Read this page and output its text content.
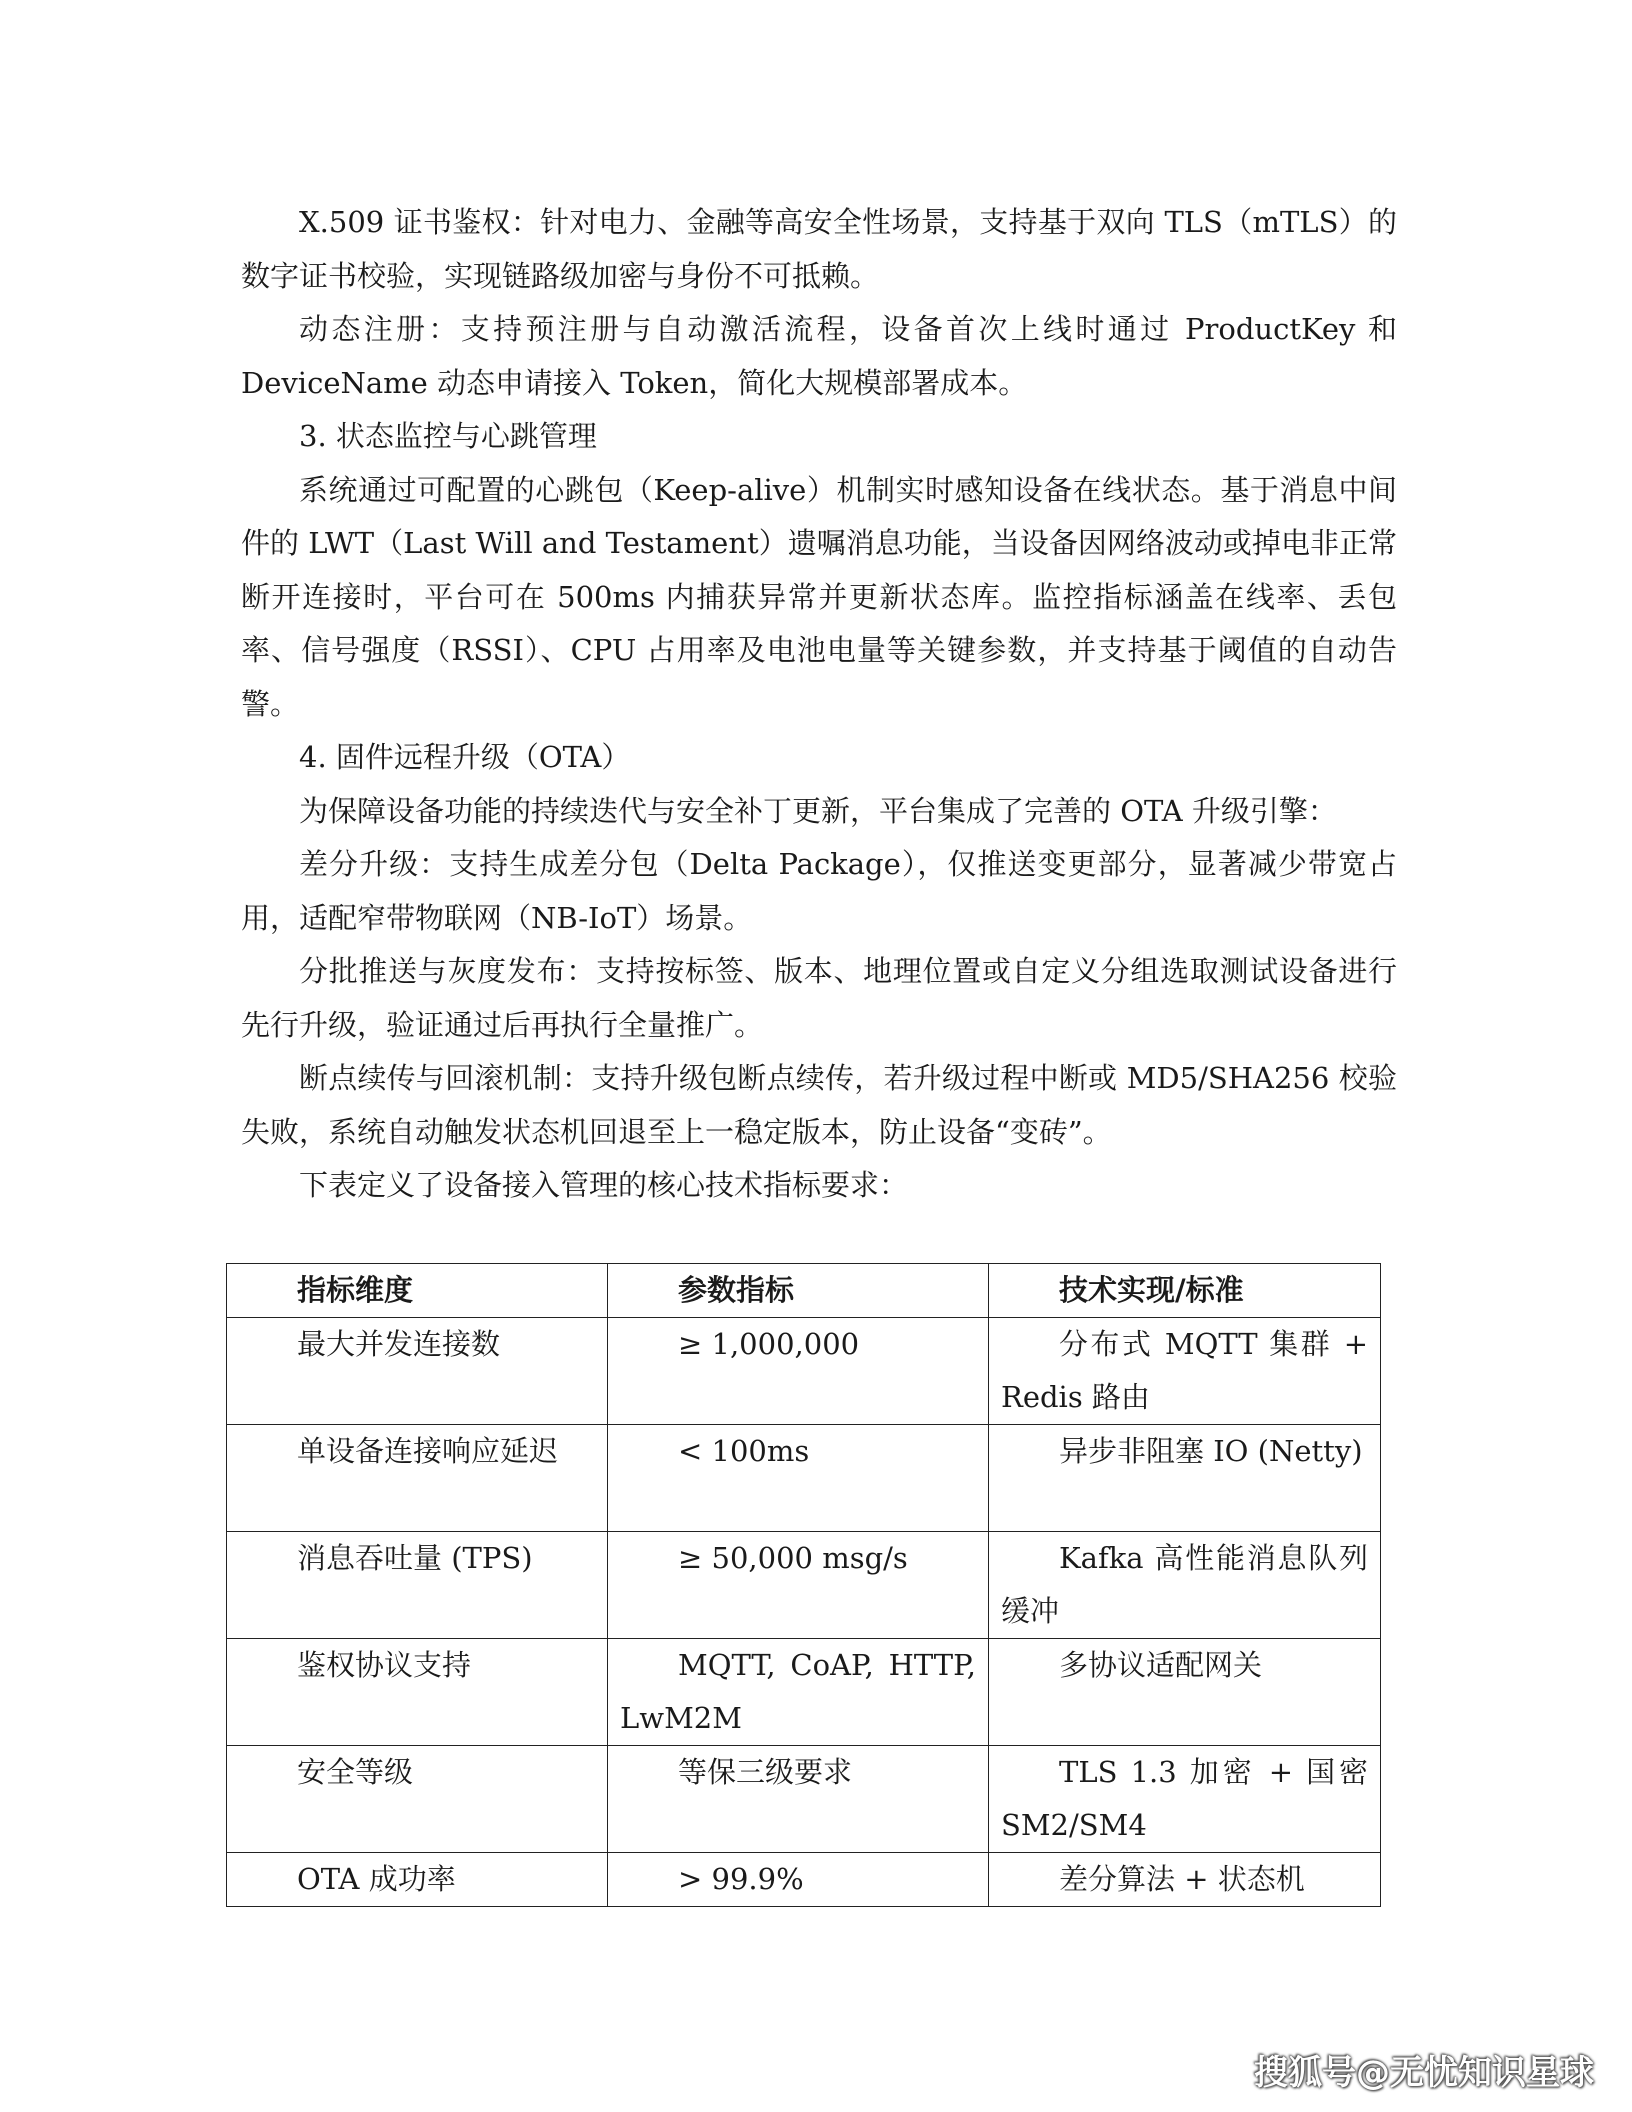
X.509 证书鉴权：针对电力、金融等高安全性场景，支持基于双向 TLS（mTLS）的数字证书校验，实现链路级加密与身份不可抵赖。

动态注册：支持预注册与自动激活流程，设备首次上线时通过 ProductKey 和 DeviceName 动态申请接入 Token，简化大规模部署成本。

3. 状态监控与心跳管理

系统通过可配置的心跳包（Keep-alive）机制实时感知设备在线状态。基于消息中间件的 LWT（Last Will and Testament）遗嘱消息功能，当设备因网络波动或掉电非正常断开连接时，平台可在 500ms 内捕获异常并更新状态库。监控指标涵盖在线率、丢包率、信号强度（RSSI）、CPU 占用率及电池电量等关键参数，并支持基于阈值的自动告警。

4. 固件远程升级（OTA）

为保障设备功能的持续迭代与安全补丁更新，平台集成了完善的 OTA 升级引擎：

差分升级：支持生成差分包（Delta Package），仅推送变更部分，显著减少带宽占用，适配窄带物联网（NB-IoT）场景。

分批推送与灰度发布：支持按标签、版本、地理位置或自定义分组选取测试设备进行先行升级，验证通过后再执行全量推广。

断点续传与回滚机制：支持升级包断点续传，若升级过程中断或 MD5/SHA256 校验失败，系统自动触发状态机回退至上一稳定版本，防止设备“变砖”。

下表定义了设备接入管理的核心技术指标要求：

指标维度	参数指标	技术实现/标准

最大并发连接数	≥ 1,000,000	分布式 MQTT 集群 + Redis 路由

单设备连接响应延迟	< 100ms	异步非阻塞 IO (Netty)

消息吞吐量 (TPS)	≥ 50,000 msg/s	Kafka 高性能消息队列缓冲

鉴权协议支持	MQTT, CoAP, HTTP, LwM2M	多协议适配网关

安全等级	等保三级要求	TLS 1.3 加密 + 国密 SM2/SM4

OTA 成功率	> 99.9%	差分算法 + 状态机
搜狐号@无忧知识星球
